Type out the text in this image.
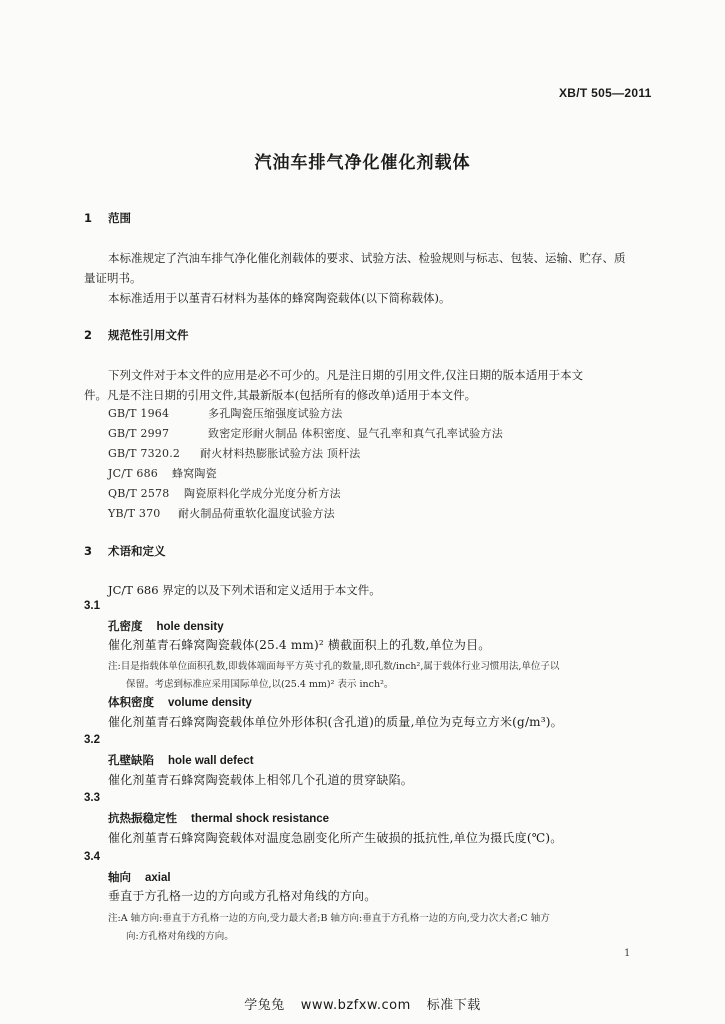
XB/T 505—2011
汽油车排气净化催化剂载体
1 范围
本标准规定了汽油车排气净化催化剂载体的要求、试验方法、检验规则与标志、包装、运输、贮存、质
量证明书。
本标准适用于以堇青石材料为基体的蜂窝陶瓷载体(以下简称载体)。
2 规范性引用文件
下列文件对于本文件的应用是必不可少的。凡是注日期的引用文件,仅注日期的版本适用于本文
件。凡是不注日期的引用文件,其最新版本(包括所有的修改单)适用于本文件。
GB/T 1964	多孔陶瓷压缩强度试验方法
GB/T 2997	致密定形耐火制品 体积密度、显气孔率和真气孔率试验方法
GB/T 7320.2 耐火材料热膨胀试验方法 顶杆法
JC/T 686 蜂窝陶瓷
QB/T 2578 陶瓷原料化学成分光度分析方法
YB/T 370 耐火制品荷重软化温度试验方法
3 术语和定义
JC/T 686 界定的以及下列术语和定义适用于本文件。
3.1
孔密度 hole density
催化剂堇青石蜂窝陶瓷载体(25.4 mm)² 横截面积上的孔数,单位为目。
注:目是指载体单位面积孔数,即载体端面每平方英寸孔的数量,即孔数/inch²,属于载体行业习惯用法,单位子以
保留。考虑到标准应采用国际单位,以(25.4 mm)² 表示 inch²。
体积密度 volume density
催化剂堇青石蜂窝陶瓷载体单位外形体积(含孔道)的质量,单位为克每立方米(g/m³)。
3.2
孔壁缺陷 hole wall defect
催化剂堇青石蜂窝陶瓷载体上相邻几个孔道的贯穿缺陷。
3.3
抗热振稳定性 thermal shock resistance
催化剂堇青石蜂窝陶瓷载体对温度急剧变化所产生破损的抵抗性,单位为摄氏度(℃)。
3.4
轴向 axial
垂直于方孔格一边的方向或方孔格对角线的方向。
注:A 轴方向:垂直于方孔格一边的方向,受力最大者;B 轴方向:垂直于方孔格一边的方向,受力次大者;C 轴方
向:方孔格对角线的方向。
1
学兔兔 www.bzfxw.com 标准下载
